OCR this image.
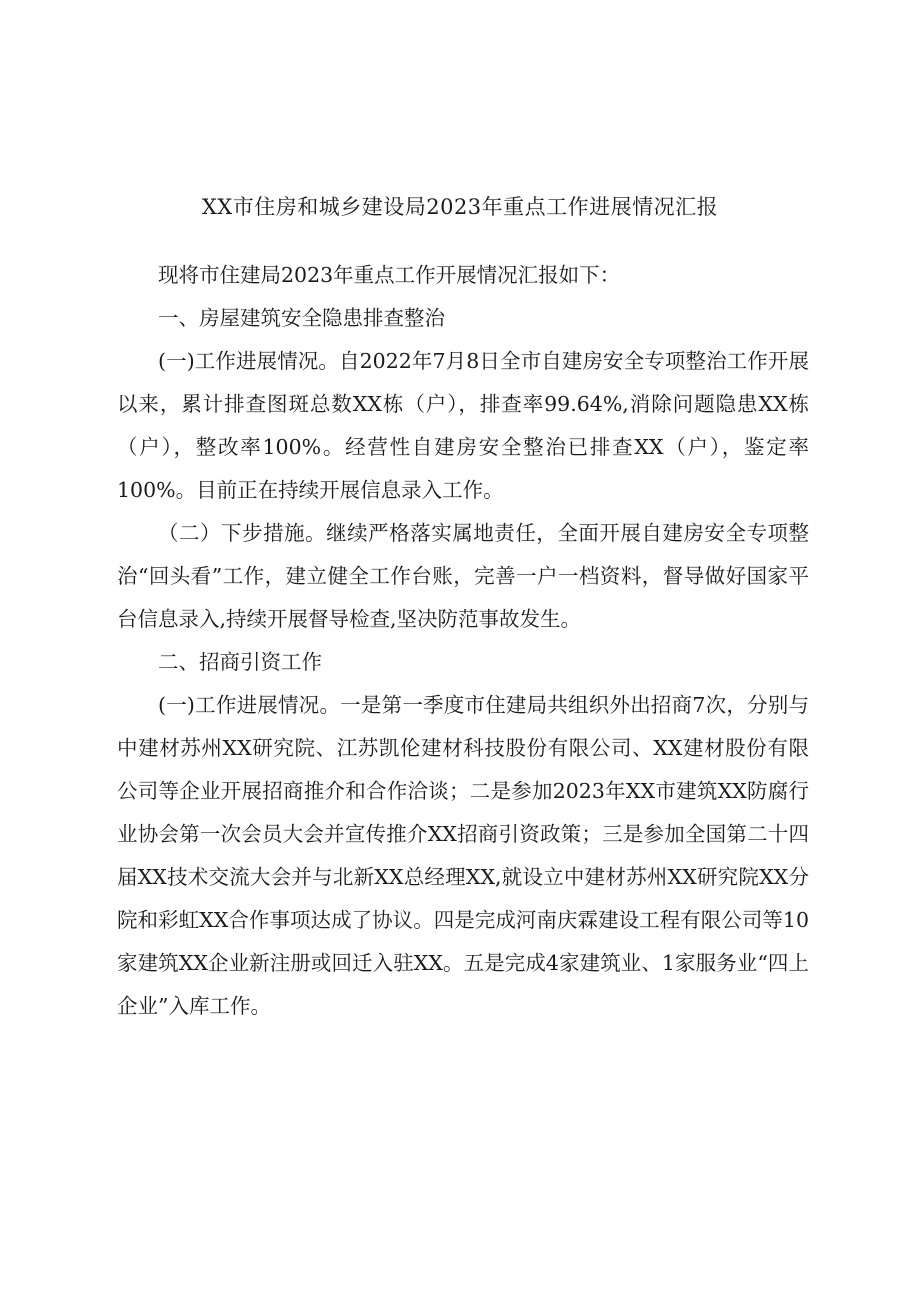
XX市住房和城乡建设局2023年重点工作进展情况汇报

现将市住建局2023年重点工作开展情况汇报如下：

一、房屋建筑安全隐患排查整治

(一)工作进展情况。自2022年7月8日全市自建房安全专项整治工作开展以来，累计排查图斑总数XX栋（户），排查率99.64%,消除问题隐患XX栋（户），整改率100%。经营性自建房安全整治已排查XX（户），鉴定率100%。目前正在持续开展信息录入工作。

（二）下步措施。继续严格落实属地责任，全面开展自建房安全专项整治“回头看”工作，建立健全工作台账，完善一户一档资料，督导做好国家平台信息录入,持续开展督导检查,坚决防范事故发生。

二、招商引资工作

(一)工作进展情况。一是第一季度市住建局共组织外出招商7次，分别与中建材苏州XX研究院、江苏凯伦建材科技股份有限公司、XX建材股份有限公司等企业开展招商推介和合作洽谈；二是参加2023年XX市建筑XX防腐行业协会第一次会员大会并宣传推介XX招商引资政策；三是参加全国第二十四届XX技术交流大会并与北新XX总经理XX,就设立中建材苏州XX研究院XX分院和彩虹XX合作事项达成了协议。四是完成河南庆霖建设工程有限公司等10家建筑XX企业新注册或回迁入驻XX。五是完成4家建筑业、1家服务业“四上企业”入库工作。
